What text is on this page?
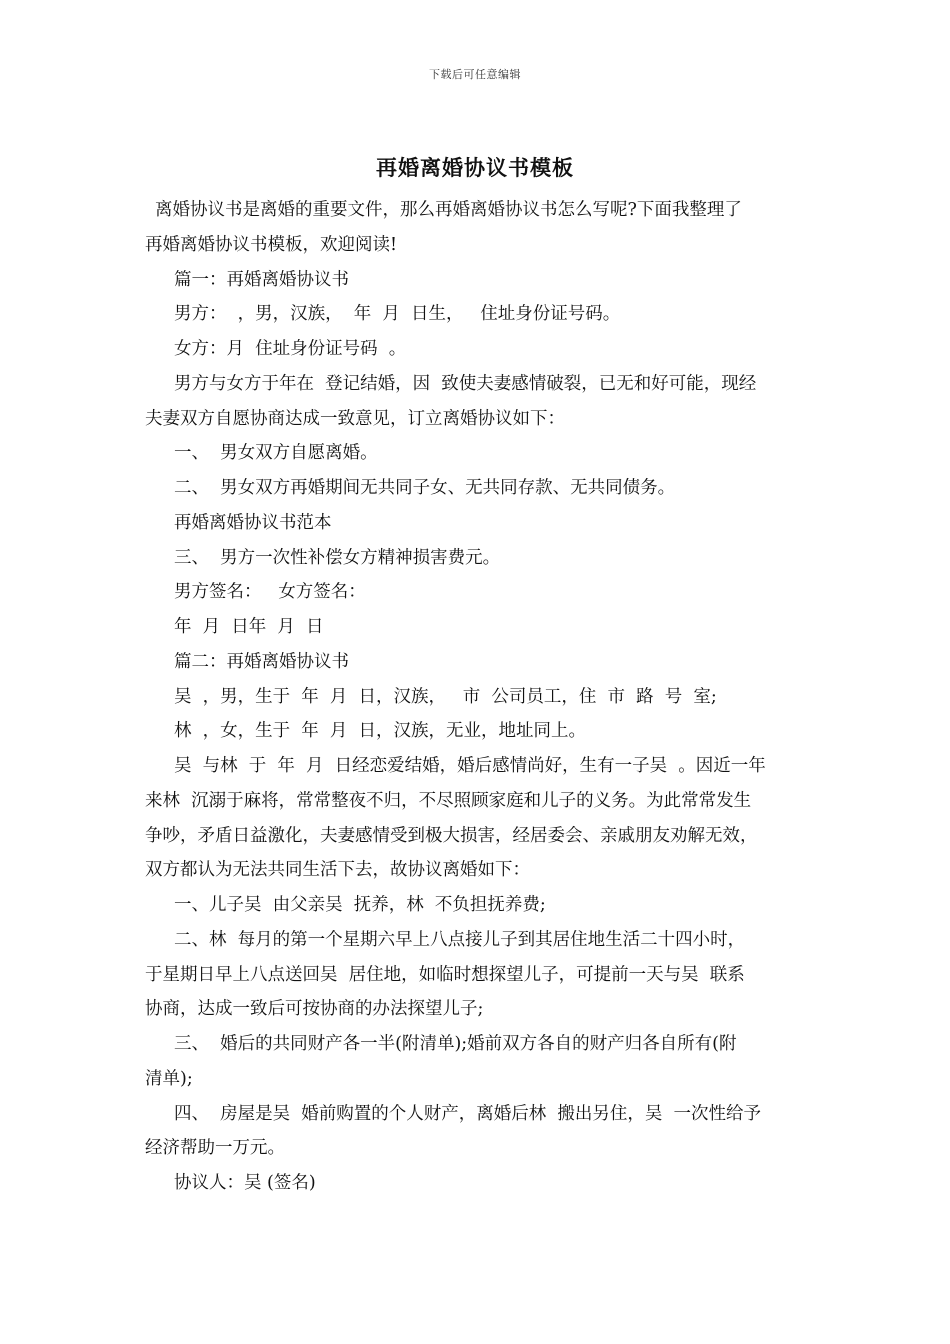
下载后可任意编辑
再婚离婚协议书模板
离婚协议书是离婚的重要文件，那么再婚离婚协议书怎么写呢?下面我整理了
再婚离婚协议书模板，欢迎阅读!
篇一：再婚离婚协议书
男方：  ，男，汉族，  年  月  日生，   住址身份证号码。
女方：月  住址身份证号码  。
男方与女方于年在  登记结婚，因  致使夫妻感情破裂，已无和好可能，现经
夫妻双方自愿协商达成一致意见，订立离婚协议如下：
一、  男女双方自愿离婚。
二、  男女双方再婚期间无共同子女、无共同存款、无共同债务。
再婚离婚协议书范本
三、  男方一次性补偿女方精神损害费元。
男方签名：   女方签名：
年  月  日年  月  日
篇二：再婚离婚协议书
吴  ，男，生于  年  月  日，汉族，   市  公司员工，住  市  路  号  室;
林  ，女，生于  年  月  日，汉族，无业，地址同上。
吴  与林  于  年  月  日经恋爱结婚，婚后感情尚好，生有一子吴  。因近一年
来林  沉溺于麻将，常常整夜不归，不尽照顾家庭和儿子的义务。为此常常发生
争吵，矛盾日益激化，夫妻感情受到极大损害，经居委会、亲戚朋友劝解无效，
双方都认为无法共同生活下去，故协议离婚如下：
一、儿子吴  由父亲吴  抚养，林  不负担抚养费;
二、林  每月的第一个星期六早上八点接儿子到其居住地生活二十四小时，
于星期日早上八点送回吴  居住地，如临时想探望儿子，可提前一天与吴  联系
协商，达成一致后可按协商的办法探望儿子;
三、  婚后的共同财产各一半(附清单);婚前双方各自的财产归各自所有(附
清单);
四、  房屋是吴  婚前购置的个人财产，离婚后林  搬出另住，吴  一次性给予
经济帮助一万元。
协议人：吴 (签名)
